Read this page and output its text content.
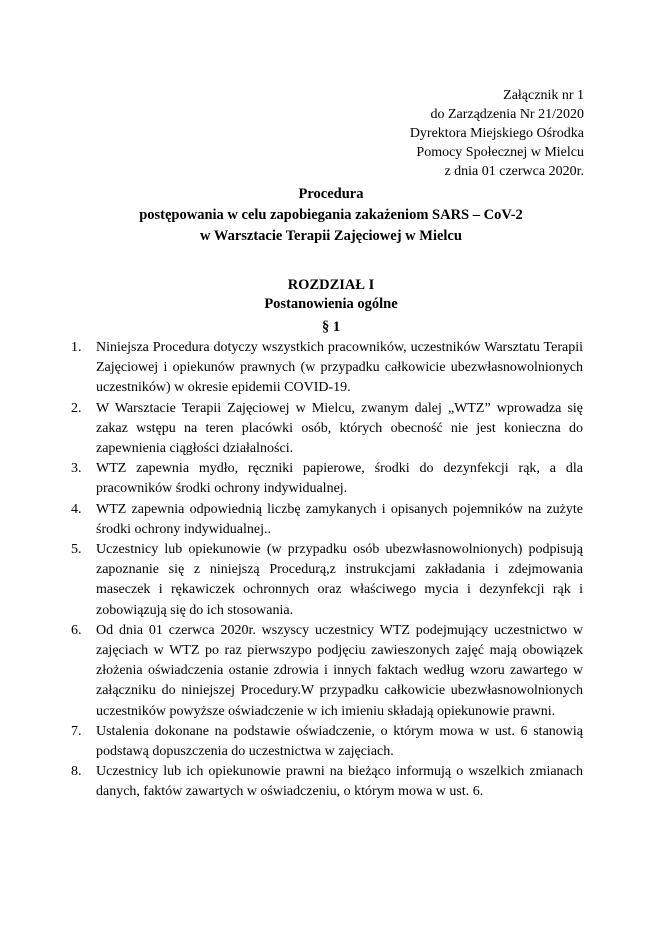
Załącznik nr 1
do Zarządzenia Nr 21/2020
Dyrektora Miejskiego Ośrodka
Pomocy Społecznej w Mielcu
z dnia 01 czerwca 2020r.
Procedura
postępowania w celu zapobiegania zakażeniom SARS – CoV-2
w Warsztacie Terapii Zajęciowej w Mielcu
ROZDZIAŁ I
Postanowienia ogólne
§ 1
1. Niniejsza Procedura dotyczy wszystkich pracowników, uczestników Warsztatu Terapii Zajęciowej i opiekunów prawnych (w przypadku całkowicie ubezwłasnowolnionych uczestników) w okresie epidemii COVID-19.
2. W Warsztacie Terapii Zajęciowej w Mielcu, zwanym dalej „WTZ” wprowadza się zakaz wstępu na teren placówki osób, których obecność nie jest konieczna do zapewnienia ciągłości działalności.
3. WTZ zapewnia mydło, ręczniki papierowe, środki do dezynfekcji rąk, a dla pracowników środki ochrony indywidualnej.
4. WTZ zapewnia odpowiednią liczbę zamykanych i opisanych pojemników na zużyte środki ochrony indywidualnej..
5. Uczestnicy lub opiekunowie (w przypadku osób ubezwłasnowolnionych) podpisują zapoznanie się z niniejszą Procedurą,z instrukcjami zakładania i zdejmowania maseczek i rękawiczek ochronnych oraz właściwego mycia i dezynfekcji rąk i zobowiązują się do ich stosowania.
6. Od dnia 01 czerwca 2020r. wszyscy uczestnicy WTZ podejmujący uczestnictwo w zajęciach w WTZ po raz pierwszypo podjęciu zawieszonych zajęć mają obowiązek złożenia oświadczenia ostanie zdrowia i innych faktach według wzoru zawartego w załączniku do niniejszej Procedury.W przypadku całkowicie ubezwłasnowolnionych uczestników powyższe oświadczenie w ich imieniu składają opiekunowie prawni.
7. Ustalenia dokonane na podstawie oświadczenie, o którym mowa w ust. 6 stanowią podstawą dopuszczenia do uczestnictwa w zajęciach.
8. Uczestnicy lub ich opiekunowie prawni na bieżąco informują o wszelkich zmianach danych, faktów zawartych w oświadczeniu, o którym mowa w ust. 6.
